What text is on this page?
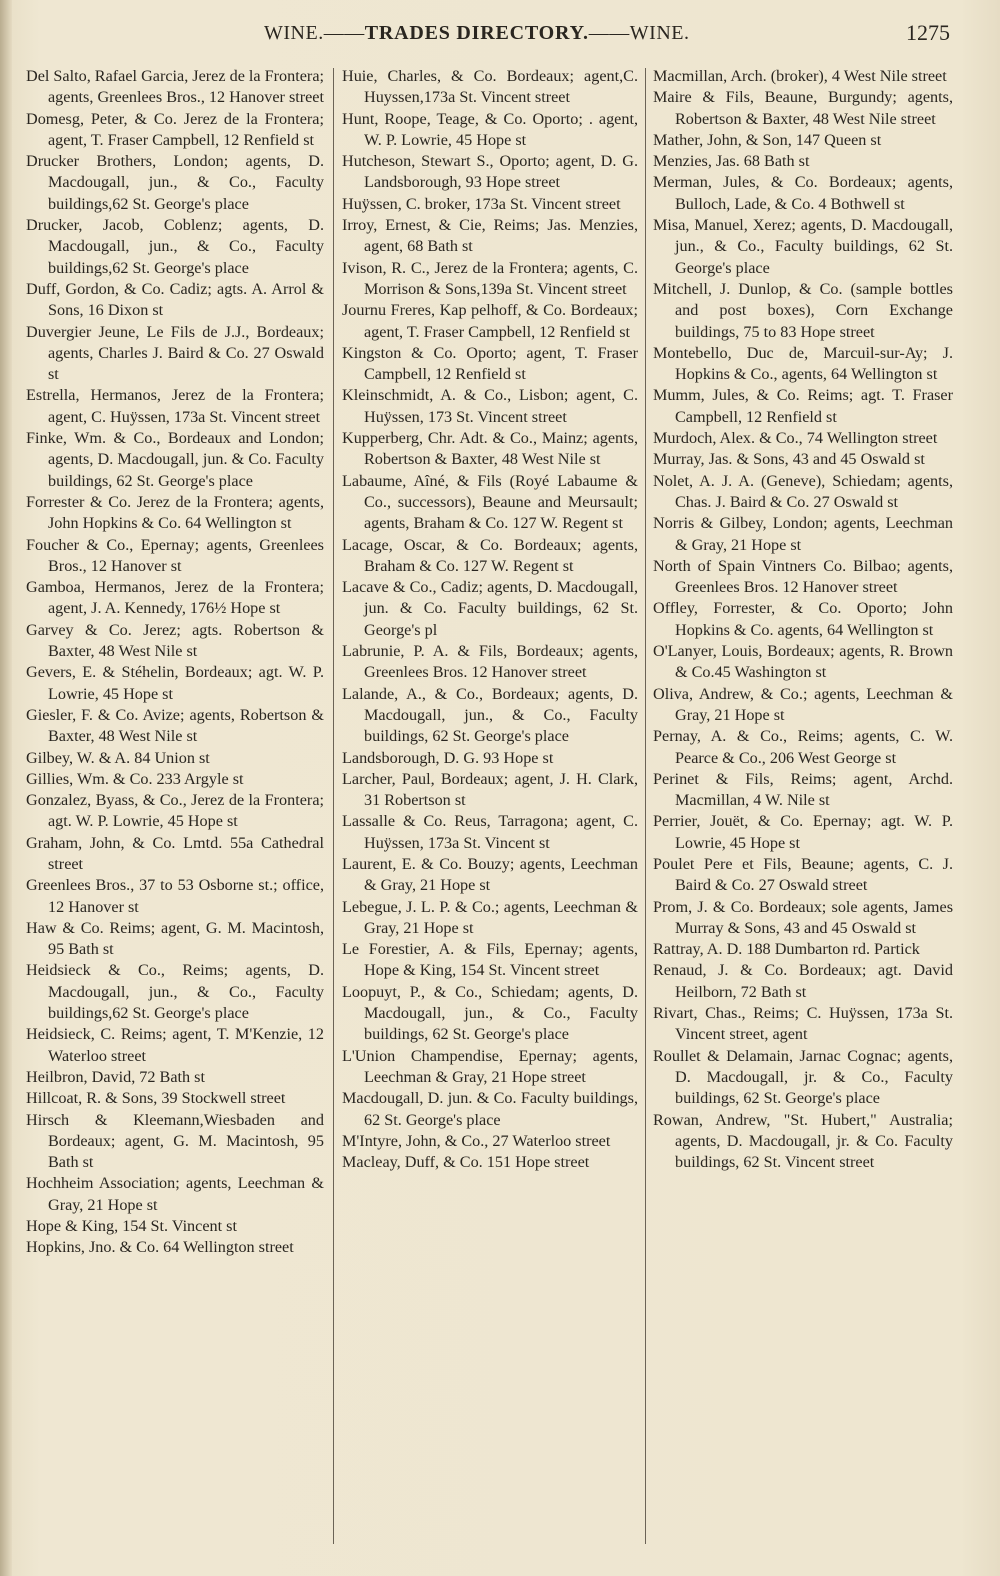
WINE.——TRADES DIRECTORY.——WINE.	1275

Del Salto, Rafael Garcia, Jerez de la Frontera; agents, Greenlees Bros., 12 Hanover street

Domesg, Peter, & Co. Jerez de la Frontera; agent, T. Fraser Campbell, 12 Renfield st

Drucker Brothers, London; agents, D. Macdougall, jun., & Co., Faculty buildings,62 St. George's place

Drucker, Jacob, Coblenz; agents, D. Macdougall, jun., & Co., Faculty buildings,62 St. George's place

Duff, Gordon, & Co. Cadiz; agts. A. Arrol & Sons, 16 Dixon st

Duvergier Jeune, Le Fils de J.J., Bordeaux; agents, Charles J. Baird & Co. 27 Oswald st

Estrella, Hermanos, Jerez de la Frontera; agent, C. Huÿssen, 173a St. Vincent street

Finke, Wm. & Co., Bordeaux and London; agents, D. Macdougall, jun. & Co. Faculty buildings, 62 St. George's place

Forrester & Co. Jerez de la Frontera; agents, John Hopkins & Co. 64 Wellington st

Foucher & Co., Epernay; agents, Greenlees Bros., 12 Hanover st

Gamboa, Hermanos, Jerez de la Frontera; agent, J. A. Kennedy, 176½ Hope st

Garvey & Co. Jerez; agts. Robertson & Baxter, 48 West Nile st

Gevers, E. & Stéhelin, Bordeaux; agt. W. P. Lowrie, 45 Hope st

Giesler, F. & Co. Avize; agents, Robertson & Baxter, 48 West Nile st

Gilbey, W. & A. 84 Union st

Gillies, Wm. & Co. 233 Argyle st

Gonzalez, Byass, & Co., Jerez de la Frontera; agt. W. P. Lowrie, 45 Hope st

Graham, John, & Co. Lmtd. 55a Cathedral street

Greenlees Bros., 37 to 53 Osborne st.; office, 12 Hanover st

Haw & Co. Reims; agent, G. M. Macintosh, 95 Bath st

Heidsieck & Co., Reims; agents, D. Macdougall, jun., & Co., Faculty buildings,62 St. George's place

Heidsieck, C. Reims; agent, T. M'Kenzie, 12 Waterloo street

Heilbron, David, 72 Bath st

Hillcoat, R. & Sons, 39 Stockwell street

Hirsch & Kleemann,Wiesbaden and Bordeaux; agent, G. M. Macintosh, 95 Bath st

Hochheim Association; agents, Leechman & Gray, 21 Hope st

Hope & King, 154 St. Vincent st

Hopkins, Jno. & Co. 64 Wellington street

Huie, Charles, & Co. Bordeaux; agent,C. Huyssen,173a St. Vincent street

Hunt, Roope, Teage, & Co. Oporto; . agent, W. P. Lowrie, 45 Hope st

Hutcheson, Stewart S., Oporto; agent, D. G. Landsborough, 93 Hope street

Huÿssen, C. broker, 173a St. Vincent street

Irroy, Ernest, & Cie, Reims; Jas. Menzies, agent, 68 Bath st

Ivison, R. C., Jerez de la Frontera; agents, C. Morrison & Sons,139a St. Vincent street

Journu Freres, Kap pelhoff, & Co. Bordeaux; agent, T. Fraser Campbell, 12 Renfield st

Kingston & Co. Oporto; agent, T. Fraser Campbell, 12 Renfield st

Kleinschmidt, A. & Co., Lisbon; agent, C. Huÿssen, 173 St. Vincent street

Kupperberg, Chr. Adt. & Co., Mainz; agents, Robertson & Baxter, 48 West Nile st

Labaume, Aîné, & Fils (Royé Labaume & Co., successors), Beaune and Meursault; agents, Braham & Co. 127 W. Regent st

Lacage, Oscar, & Co. Bordeaux; agents, Braham & Co. 127 W. Regent st

Lacave & Co., Cadiz; agents, D. Macdougall, jun. & Co. Faculty buildings, 62 St. George's pl

Labrunie, P. A. & Fils, Bordeaux; agents, Greenlees Bros. 12 Hanover street

Lalande, A., & Co., Bordeaux; agents, D. Macdougall, jun., & Co., Faculty buildings, 62 St. George's place

Landsborough, D. G. 93 Hope st

Larcher, Paul, Bordeaux; agent, J. H. Clark, 31 Robertson st

Lassalle & Co. Reus, Tarragona; agent, C. Huÿssen, 173a St. Vincent st

Laurent, E. & Co. Bouzy; agents, Leechman & Gray, 21 Hope st

Lebegue, J. L. P. & Co.; agents, Leechman & Gray, 21 Hope st

Le Forestier, A. & Fils, Epernay; agents, Hope & King, 154 St. Vincent street

Loopuyt, P., & Co., Schiedam; agents, D. Macdougall, jun., & Co., Faculty buildings, 62 St. George's place

L'Union Champendise, Epernay; agents, Leechman & Gray, 21 Hope street

Macdougall, D. jun. & Co. Faculty buildings, 62 St. George's place

M'Intyre, John, & Co., 27 Waterloo street

Macleay, Duff, & Co. 151 Hope street

Macmillan, Arch. (broker), 4 West Nile street

Maire & Fils, Beaune, Burgundy; agents, Robertson & Baxter, 48 West Nile street

Mather, John, & Son, 147 Queen st

Menzies, Jas. 68 Bath st

Merman, Jules, & Co. Bordeaux; agents, Bulloch, Lade, & Co. 4 Bothwell st

Misa, Manuel, Xerez; agents, D. Macdougall, jun., & Co., Faculty buildings, 62 St. George's place

Mitchell, J. Dunlop, & Co. (sample bottles and post boxes), Corn Exchange buildings, 75 to 83 Hope street

Montebello, Duc de, Marcuil-sur-Ay; J. Hopkins & Co., agents, 64 Wellington st

Mumm, Jules, & Co. Reims; agt. T. Fraser Campbell, 12 Renfield st

Murdoch, Alex. & Co., 74 Wellington street

Murray, Jas. & Sons, 43 and 45 Oswald st

Nolet, A. J. A. (Geneve), Schiedam; agents, Chas. J. Baird & Co. 27 Oswald st

Norris & Gilbey, London; agents, Leechman & Gray, 21 Hope st

North of Spain Vintners Co. Bilbao; agents, Greenlees Bros. 12 Hanover street

Offley, Forrester, & Co. Oporto; John Hopkins & Co. agents, 64 Wellington st

O'Lanyer, Louis, Bordeaux; agents, R. Brown & Co.45 Washington st

Oliva, Andrew, & Co.; agents, Leechman & Gray, 21 Hope st

Pernay, A. & Co., Reims; agents, C. W. Pearce & Co., 206 West George st

Perinet & Fils, Reims; agent, Archd. Macmillan, 4 W. Nile st

Perrier, Jouët, & Co. Epernay; agt. W. P. Lowrie, 45 Hope st

Poulet Pere et Fils, Beaune; agents, C. J. Baird & Co. 27 Oswald street

Prom, J. & Co. Bordeaux; sole agents, James Murray & Sons, 43 and 45 Oswald st

Rattray, A. D. 188 Dumbarton rd. Partick

Renaud, J. & Co. Bordeaux; agt. David Heilborn, 72 Bath st

Rivart, Chas., Reims; C. Huÿssen, 173a St. Vincent street, agent

Roullet & Delamain, Jarnac Cognac; agents, D. Macdougall, jr. & Co., Faculty buildings, 62 St. George's place

Rowan, Andrew, "St. Hubert," Australia; agents, D. Macdougall, jr. & Co. Faculty buildings, 62 St. Vincent street
